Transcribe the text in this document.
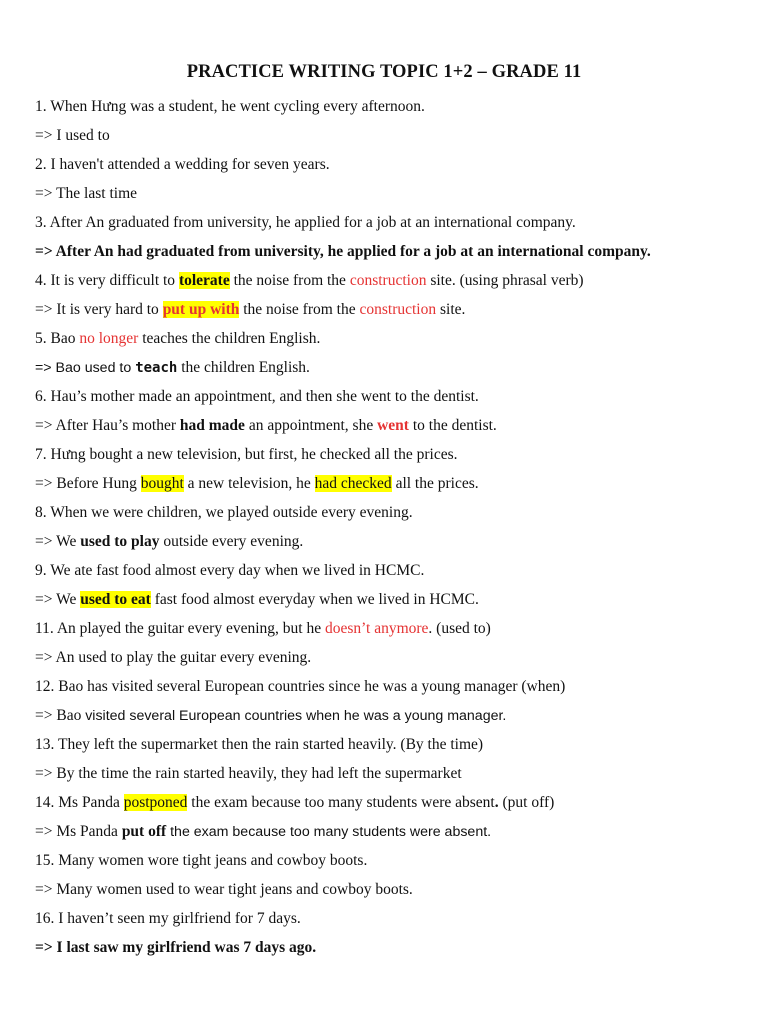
PRACTICE WRITING TOPIC 1+2 – GRADE 11
1. When Hưng was a student, he went cycling every afternoon.
=> I used to
2. I haven't attended a wedding for seven years.
=> The last time
3. After An graduated from university, he applied for a job at an international company.
=> After An had graduated from university, he applied for a job at an international company.
4. It is very difficult to tolerate the noise from the construction site. (using phrasal verb)
=> It is very hard to put up with the noise from the construction site.
5. Bao no longer teaches the children English.
=> Bao used to teach the children English.
6. Hau’s mother made an appointment, and then she went to the dentist.
=> After Hau’s mother had made an appointment, she went to the dentist.
7. Hưng bought a new television, but first, he checked all the prices.
=> Before Hung bought a new television, he had checked all the prices.
8. When we were children, we played outside every evening.
=> We used to play outside every evening.
9. We ate fast food almost every day when we lived in HCMC.
=> We used to eat fast food almost everyday when we lived in HCMC.
11. An played the guitar every evening, but he doesn’t anymore. (used to)
=> An used to play the guitar every evening.
12. Bao has visited several European countries since he was a young manager (when)
=> Bao visited several European countries when he was a young manager.
13. They left the supermarket then the rain started heavily. (By the time)
=> By the time the rain started heavily, they had left the supermarket
14. Ms Panda postponed the exam because too many students were absent. (put off)
=> Ms Panda put off the exam because too many students were absent.
15. Many women wore tight jeans and cowboy boots.
=> Many women used to wear tight jeans and cowboy boots.
16. I haven’t seen my girlfriend for 7 days.
=> I last saw my girlfriend was 7 days ago.
